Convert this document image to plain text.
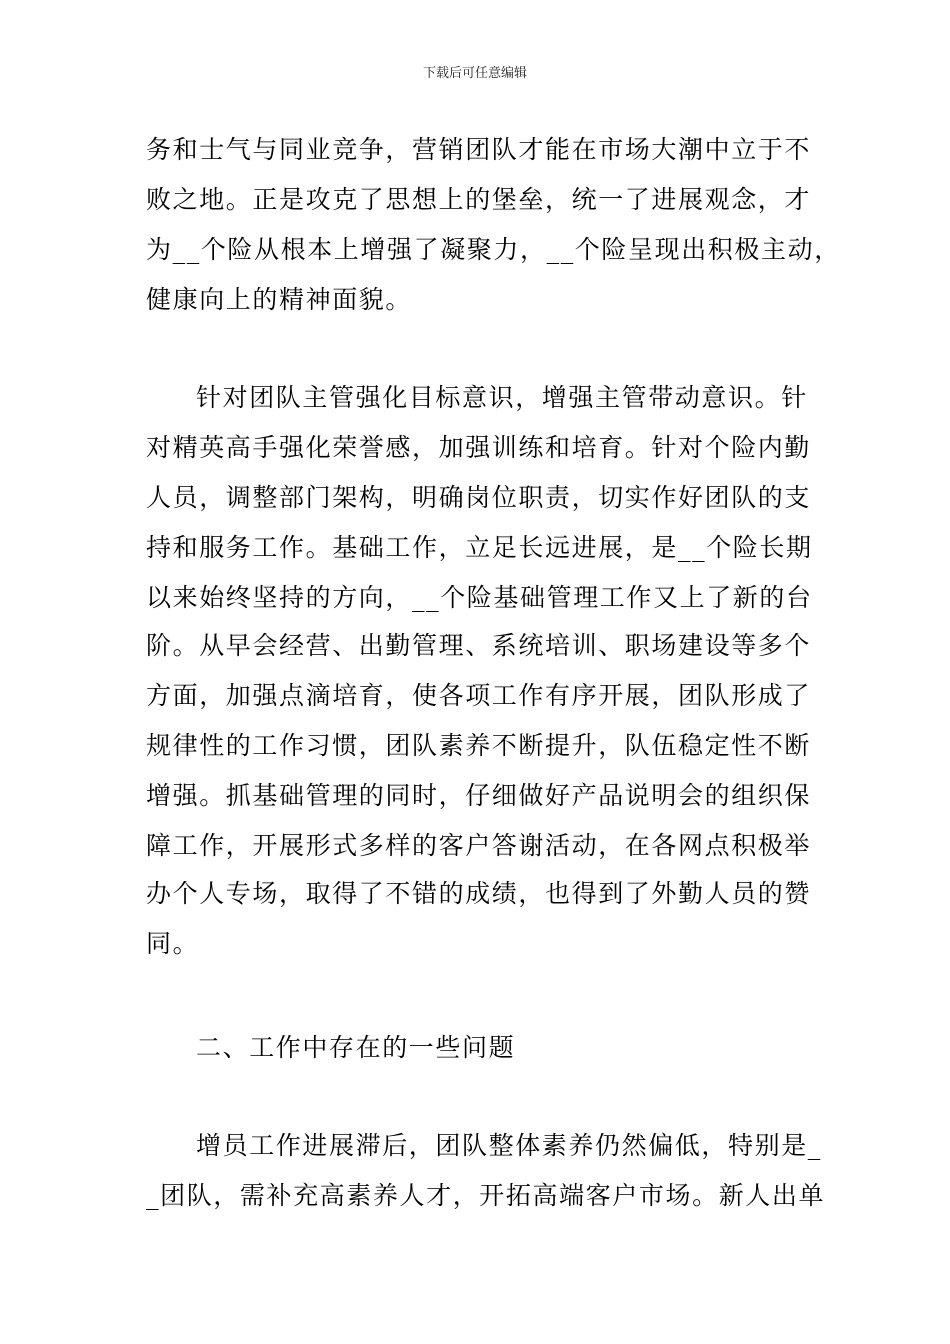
下载后可任意编辑
务和士气与同业竞争，营销团队才能在市场大潮中立于不
败之地。正是攻克了思想上的堡垒，统一了进展观念，才
为__个险从根本上增强了凝聚力，__个险呈现出积极主动，
健康向上的精神面貌。
针对团队主管强化目标意识，增强主管带动意识。针
对精英高手强化荣誉感，加强训练和培育。针对个险内勤
人员，调整部门架构，明确岗位职责，切实作好团队的支
持和服务工作。基础工作，立足长远进展，是__个险长期
以来始终坚持的方向，__个险基础管理工作又上了新的台
阶。从早会经营、出勤管理、系统培训、职场建设等多个
方面，加强点滴培育，使各项工作有序开展，团队形成了
规律性的工作习惯，团队素养不断提升，队伍稳定性不断
增强。抓基础管理的同时，仔细做好产品说明会的组织保
障工作，开展形式多样的客户答谢活动，在各网点积极举
办个人专场，取得了不错的成绩，也得到了外勤人员的赞
同。
二、工作中存在的一些问题
增员工作进展滞后，团队整体素养仍然偏低，特别是_
_团队，需补充高素养人才，开拓高端客户市场。新人出单
